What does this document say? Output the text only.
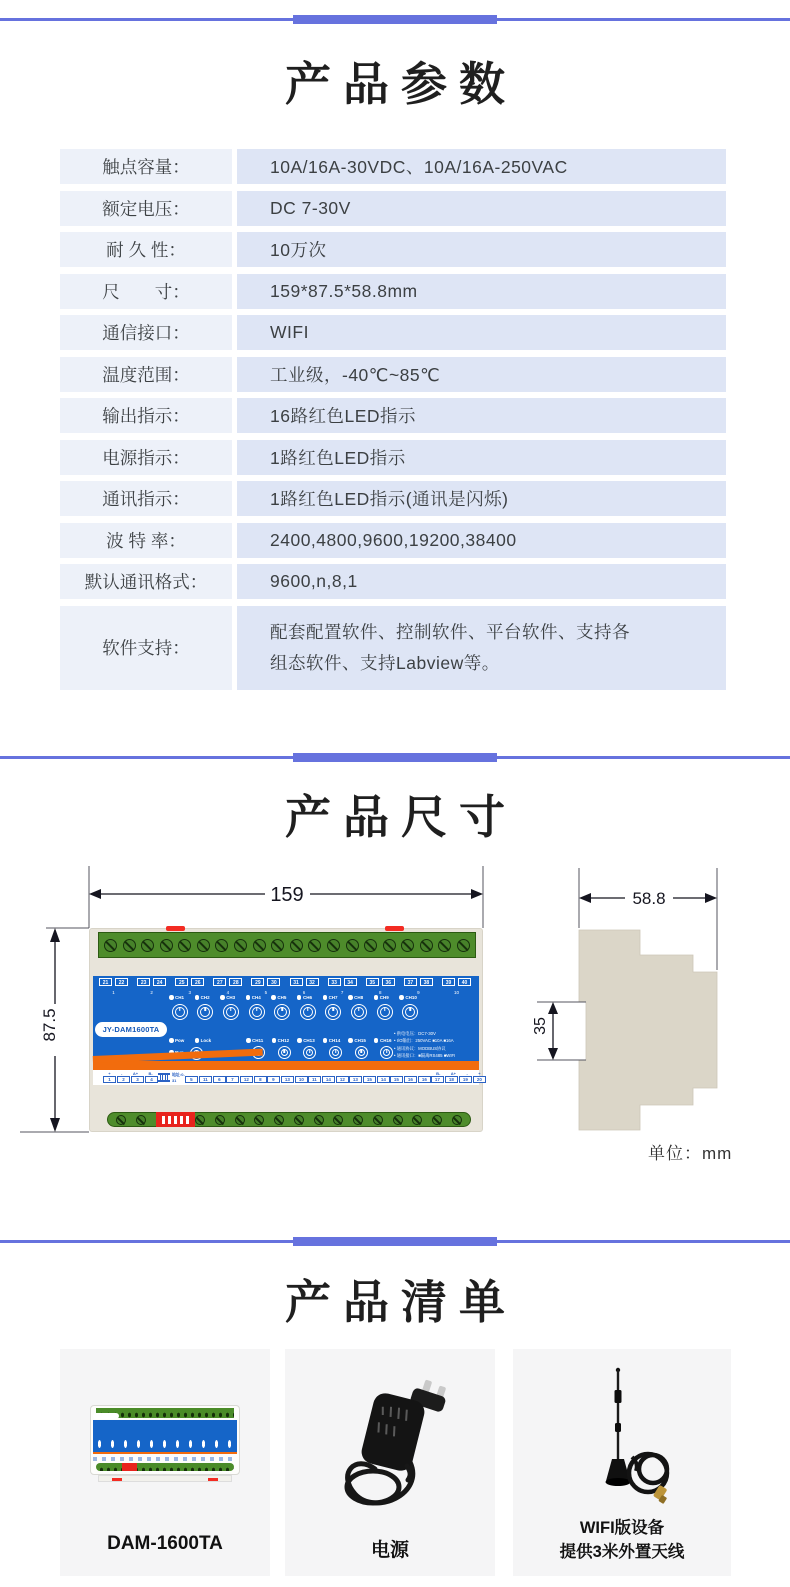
产品参数
触点容量：	10A/16A-30VDC、10A/16A-250VAC
额定电压：	DC 7-30V
耐 久 性：	10万次
尺　　寸：	159*87.5*58.8mm
通信接口：	WIFI
温度范围：	工业级，-40℃~85℃
输出指示：	16路红色LED指示
电源指示：	1路红色LED指示
通讯指示：	1路红色LED指示(通讯是闪烁)
波 特 率：	2400,4800,9600,19200,38400
默认通讯格式：	9600,n,8,1
软件支持：
配套配置软件、控制软件、平台软件、支持各组态软件、支持Labview等。
产品尺寸
159
87.5
21	22
1
23	24
2
25	26
3
27	28
4
29	30
5
31	32
6
33	34
7
35	36
8
37	38
9
39	40
10
CH1	CH2	CH3	CH4	CH5	CH6	CH7	CH8	CH9	CH10
JY-DAM1600TA
Pow	Lock	CH11	CH12	CH13	CH14	CH15	CH16
• 供电电压：DC7-30V
• I/O输出：250VAC ■10A ■16A
• 通讯协议：MODBUS协议
• 通讯接口：■隔离RS485 ■WIFI
+	-	A+	B-
1	2	3	4
地址:0-31	5	11	6	7	12	8	9	13	10	11	14	12	13	15	14	15	16	16
B-	A+	-	+
17	18	19	20
58.8
35
单位：mm
产品清单
DAM-1600TA	电源
WIFI版设备
提供3米外置天线
